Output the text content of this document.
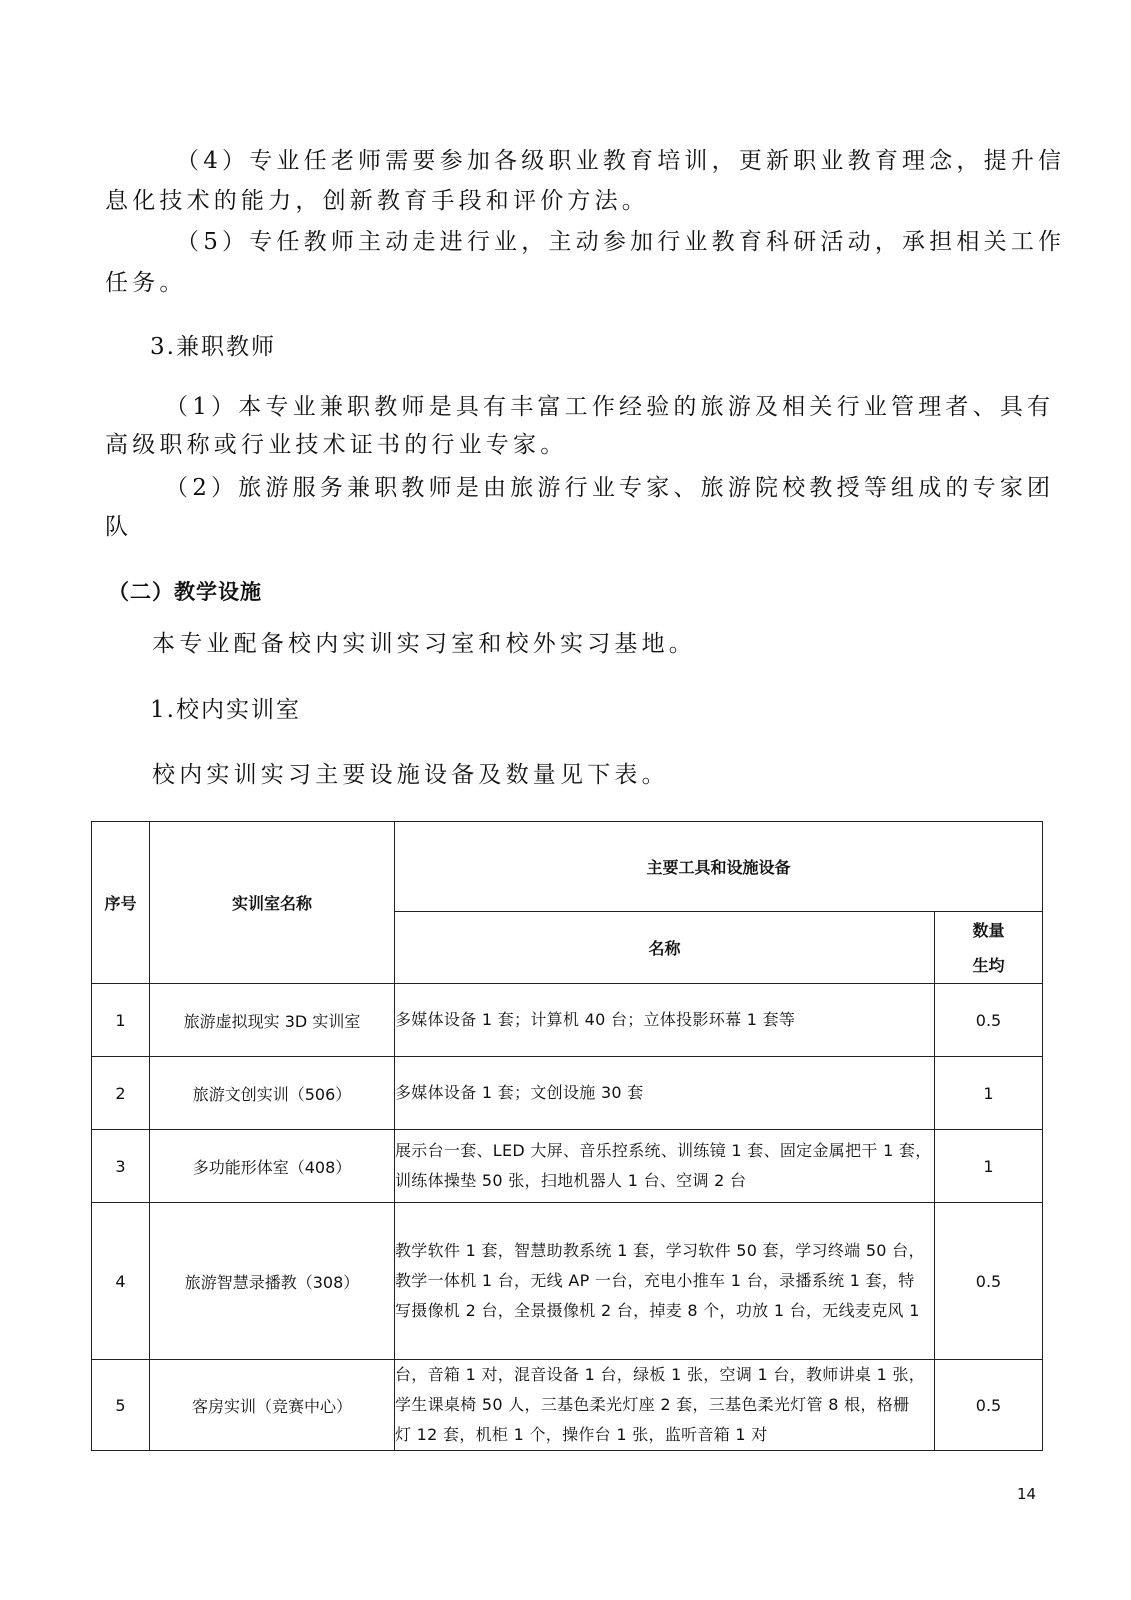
（4）专业任老师需要参加各级职业教育培训，更新职业教育理念，提升信
息化技术的能力，创新教育手段和评价方法。
（5）专任教师主动走进行业，主动参加行业教育科研活动，承担相关工作
任务。
3.兼职教师
（1）本专业兼职教师是具有丰富工作经验的旅游及相关行业管理者、具有
高级职称或行业技术证书的行业专家。
（2）旅游服务兼职教师是由旅游行业专家、旅游院校教授等组成的专家团
队
（二）教学设施
本专业配备校内实训实习室和校外实习基地。
1.校内实训室
校内实训实习主要设施设备及数量见下表。
序号	实训室名称	主要工具和设施设备	
		名称	数量
生均

1	旅游虚拟现实 3D 实训室	多媒体设备 1 套；计算机 40 台；立体投影环幕 1 套等	0.5
2	旅游文创实训（506）	多媒体设备 1 套；文创设施 30 套	1
3	多功能形体室（408）	展示台一套、LED 大屏、音乐控系统、训练镜 1 套、固定金属把干 1 套，
训练体操垫 50 张，扫地机器人 1 台、空调 2 台	1
4	旅游智慧录播教（308）	教学软件 1 套，智慧助教系统 1 套，学习软件 50 套，学习终端 50 台，
教学一体机 1 台，无线 AP 一台，充电小推车 1 台，录播系统 1 套，特
写摄像机 2 台，全景摄像机 2 台，掉麦 8 个，功放 1 台，无线麦克风 1	0.5
5	客房实训（竞赛中心）	台，音箱 1 对，混音设备 1 台，绿板 1 张，空调 1 台，教师讲桌 1 张，
学生课桌椅 50 人，三基色柔光灯座 2 套，三基色柔光灯管 8 根，格栅
灯 12 套，机柜 1 个，操作台 1 张，监听音箱 1 对	0.5
14
